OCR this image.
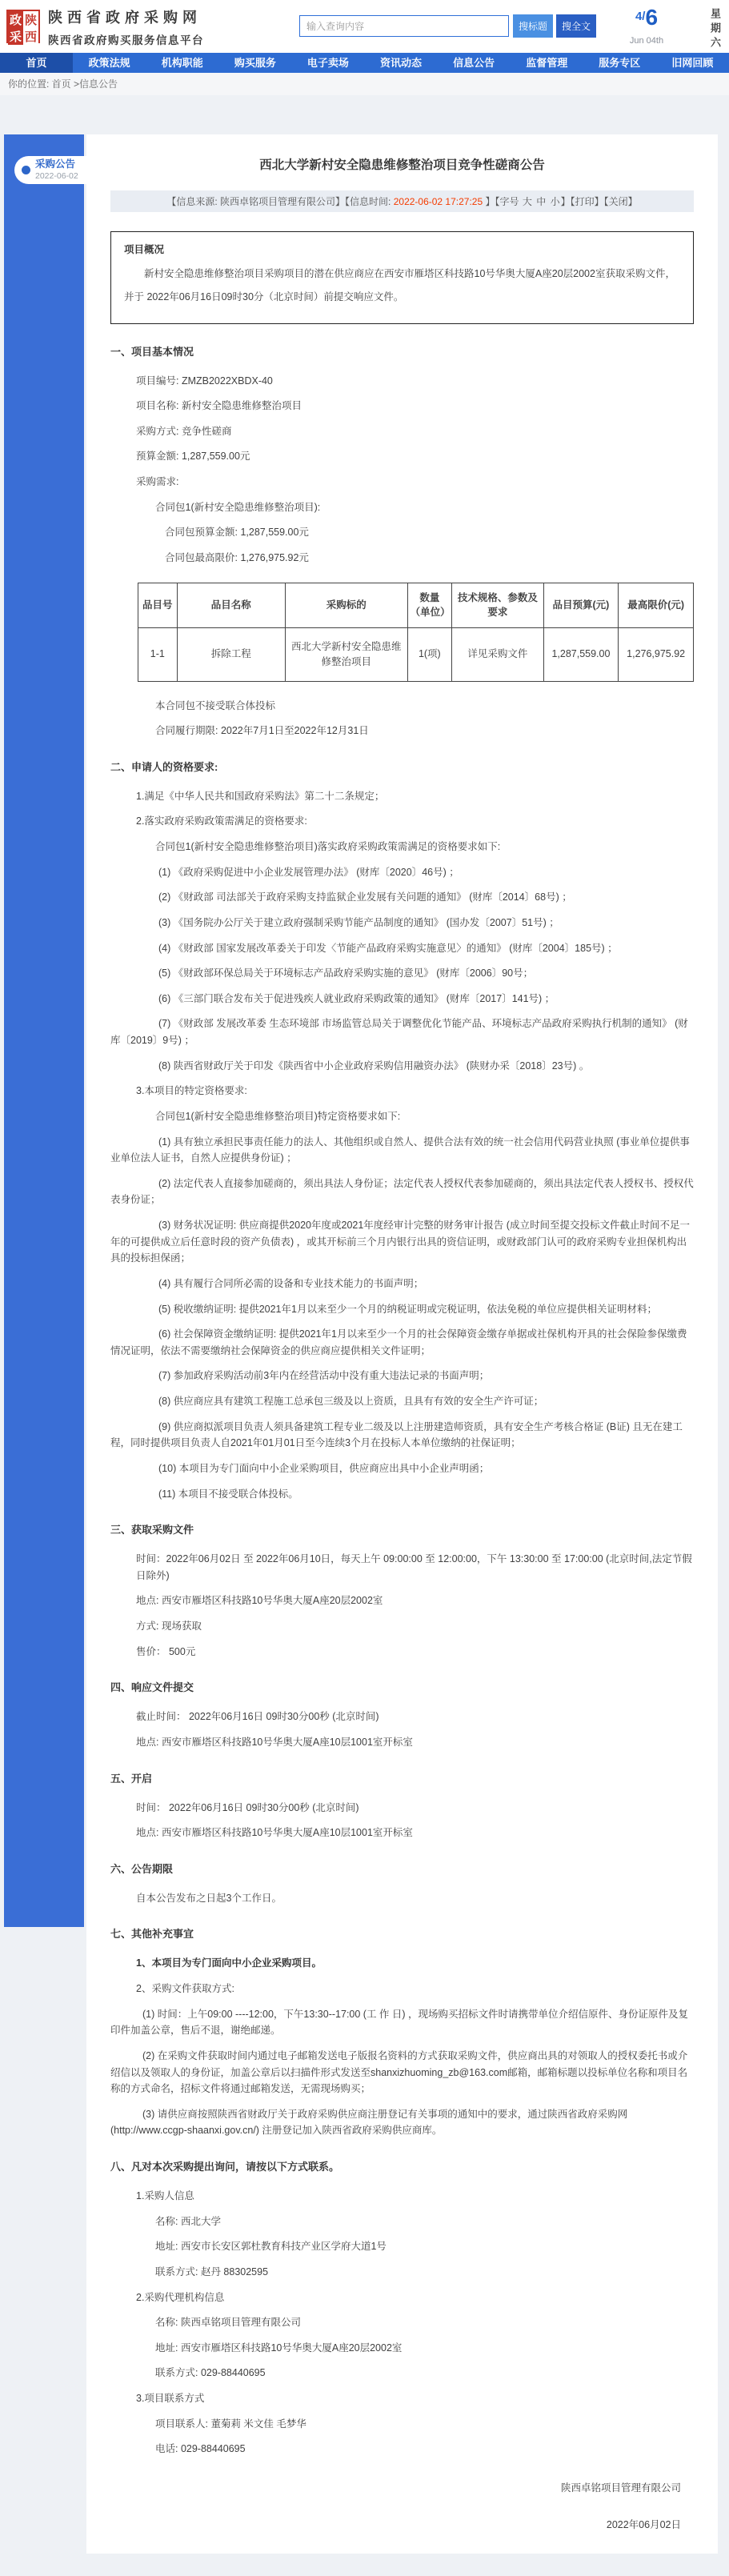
政 陕
采 西
陕西省政府采购网
陕西省政府购买服务信息平台
输入查询内容
搜标题	搜全文
4/6
Jun 04th	星期六
首页	政策法规	机构职能	购买服务	电子卖场	资讯动态	信息公告	监督管理	服务专区	旧网回顾
你的位置: 首页 >信息公告
采购公告
2022-06-02
西北大学新村安全隐患维修整治项目竞争性磋商公告
【信息来源: 陕西卓铭项目管理有限公司】【信息时间: 2022-06-02 17:27:25 】【字号 大 中 小】【打印】【关闭】
项目概况
新村安全隐患维修整治项目采购项目的潜在供应商应在西安市雁塔区科技路10号华奥大厦A座20层2002室获取采购文件，并于 2022年06月16日09时30分（北京时间）前提交响应文件。
一、项目基本情况
项目编号: ZMZB2022XBDX-40
项目名称: 新村安全隐患维修整治项目
采购方式: 竞争性磋商
预算金额: 1,287,559.00元
采购需求:
合同包1(新村安全隐患维修整治项目):
合同包预算金额: 1,287,559.00元
合同包最高限价: 1,276,975.92元
品目号	品目名称	采购标的	数量（单位）	技术规格、参数及要求	品目预算(元)	最高限价(元)
1-1	拆除工程	西北大学新村安全隐患维修整治项目	1(项)	详见采购文件	1,287,559.00	1,276,975.92
本合同包不接受联合体投标
合同履行期限: 2022年7月1日至2022年12月31日
二、申请人的资格要求:
1.满足《中华人民共和国政府采购法》第二十二条规定；
2.落实政府采购政策需满足的资格要求:
合同包1(新村安全隐患维修整治项目)落实政府采购政策需满足的资格要求如下:
(1) 《政府采购促进中小企业发展管理办法》 (财库〔2020〕46号) ；
(2) 《财政部 司法部关于政府采购支持监狱企业发展有关问题的通知》 (财库〔2014〕68号) ；
(3) 《国务院办公厅关于建立政府强制采购节能产品制度的通知》 (国办发〔2007〕51号) ；
(4) 《财政部 国家发展改革委关于印发〈节能产品政府采购实施意见〉的通知》 (财库〔2004〕185号) ；
(5) 《财政部环保总局关于环境标志产品政府采购实施的意见》 (财库〔2006〕90号；
(6) 《三部门联合发布关于促进残疾人就业政府采购政策的通知》 (财库〔2017〕141号) ；
(7) 《财政部 发展改革委 生态环境部 市场监管总局关于调整优化节能产品、环境标志产品政府采购执行机制的通知》 (财库〔2019〕9号) ；
(8) 陕西省财政厅关于印发《陕西省中小企业政府采购信用融资办法》 (陕财办采〔2018〕23号) 。
3.本项目的特定资格要求:
合同包1(新村安全隐患维修整治项目)特定资格要求如下:
(1) 具有独立承担民事责任能力的法人、其他组织或自然人、提供合法有效的统一社会信用代码营业执照 (事业单位提供事业单位法人证书，自然人应提供身份证) ；
(2) 法定代表人直接参加磋商的，须出具法人身份证；法定代表人授权代表参加磋商的，须出具法定代表人授权书、授权代表身份证；
(3) 财务状况证明: 供应商提供2020年度或2021年度经审计完整的财务审计报告 (成立时间至提交投标文件截止时间不足一年的可提供成立后任意时段的资产负债表) ，或其开标前三个月内银行出具的资信证明，或财政部门认可的政府采购专业担保机构出具的投标担保函；
(4) 具有履行合同所必需的设备和专业技术能力的书面声明；
(5) 税收缴纳证明: 提供2021年1月以来至少一个月的纳税证明或完税证明，依法免税的单位应提供相关证明材料；
(6) 社会保障资金缴纳证明: 提供2021年1月以来至少一个月的社会保障资金缴存单据或社保机构开具的社会保险参保缴费情况证明，依法不需要缴纳社会保障资金的供应商应提供相关文件证明；
(7) 参加政府采购活动前3年内在经营活动中没有重大违法记录的书面声明；
(8) 供应商应具有建筑工程施工总承包三级及以上资质，且具有有效的安全生产许可证；
(9) 供应商拟派项目负责人须具备建筑工程专业二级及以上注册建造师资质，具有安全生产考核合格证 (B证) 且无在建工程，同时提供项目负责人自2021年01月01日至今连续3个月在投标人本单位缴纳的社保证明；
(10) 本项目为专门面向中小企业采购项目，供应商应出具中小企业声明函；
(11) 本项目不接受联合体投标。
三、获取采购文件
时间：2022年06月02日 至 2022年06月10日，每天上午 09:00:00 至 12:00:00，下午 13:30:00 至 17:00:00 (北京时间,法定节假日除外)
地点: 西安市雁塔区科技路10号华奥大厦A座20层2002室
方式: 现场获取
售价： 500元
四、响应文件提交
截止时间： 2022年06月16日 09时30分00秒 (北京时间)
地点: 西安市雁塔区科技路10号华奥大厦A座10层1001室开标室
五、开启
时间： 2022年06月16日 09时30分00秒 (北京时间)
地点: 西安市雁塔区科技路10号华奥大厦A座10层1001室开标室
六、公告期限
自本公告发布之日起3个工作日。
七、其他补充事宜
1、本项目为专门面向中小企业采购项目。
2、采购文件获取方式:
(1) 时间：上午09:00 ----12:00，下午13:30--17:00 (工 作 日) ，现场购买招标文件时请携带单位介绍信原件、身份证原件及复印件加盖公章，售后不退，谢绝邮递。
(2) 在采购文件获取时间内通过电子邮箱发送电子版报名资料的方式获取采购文件，供应商出具的对领取人的授权委托书或介绍信以及领取人的身份证，加盖公章后以扫描件形式发送至shanxizhuoming_zb@163.com邮箱，邮箱标题以投标单位名称和项目名称的方式命名，招标文件将通过邮箱发送，无需现场购买；
(3) 请供应商按照陕西省财政厅关于政府采购供应商注册登记有关事项的通知中的要求，通过陕西省政府采购网 (http://www.ccgp-shaanxi.gov.cn/) 注册登记加入陕西省政府采购供应商库。
八、凡对本次采购提出询问，请按以下方式联系。
1.采购人信息
名称: 西北大学
地址: 西安市长安区郭杜教育科技产业区学府大道1号
联系方式: 赵丹 88302595
2.采购代理机构信息
名称: 陕西卓铭项目管理有限公司
地址: 西安市雁塔区科技路10号华奥大厦A座20层2002室
联系方式: 029-88440695
3.项目联系方式
项目联系人: 董菊莉 米文佳 毛梦华
电话: 029-88440695
陕西卓铭项目管理有限公司
2022年06月02日
